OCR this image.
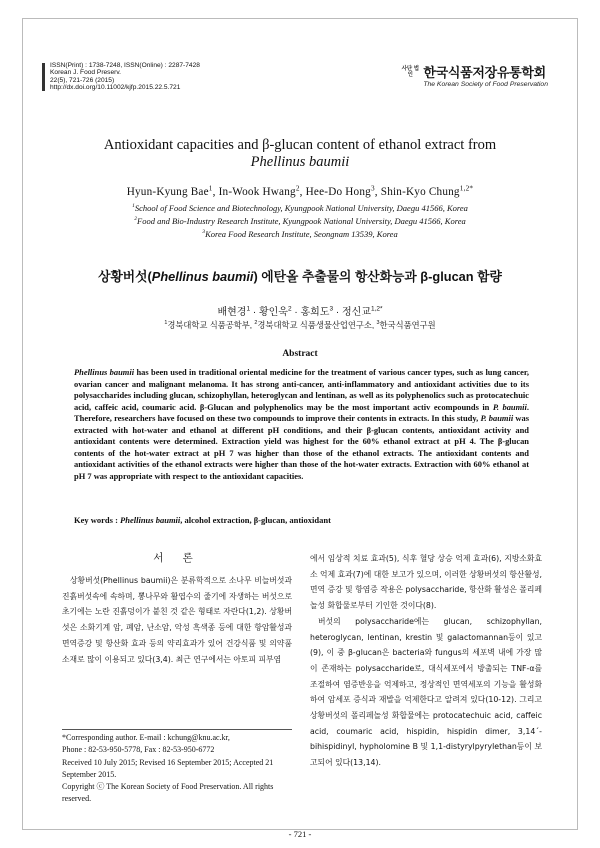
ISSN(Print) : 1738-7248, ISSN(Online) : 2287-7428
Korean J. Food Preserv.
22(5), 721-726 (2015)
http://dx.doi.org/10.11002/kjfp.2015.22.5.721
사단 법인 한국식품저장유통학회
The Korean Society of Food Preservation
Antioxidant capacities and β-glucan content of ethanol extract from
Phellinus baumii
Hyun-Kyung Bae$^1$, In-Wook Hwang$^2$, Hee-Do Hong$^3$, Shin-Kyo Chung$^{1,2*}$
$^1$School of Food Science and Biotechnology, Kyungpook National University, Daegu 41566, Korea
$^2$Food and Bio-Industry Research Institute, Kyungpook National University, Daegu 41566, Korea
$^3$Korea Food Research Institute, Seongnam 13539, Korea
상황버섯(Phellinus baumii) 에탄올 추출물의 항산화능과 β-glucan 함량
배현경$^1$ · 황인욱$^2$ · 홍희도$^3$ · 정신교$^{1,2*}$
$^1$경북대학교 식품공학부, $^2$경북대학교 식품생물산업연구소, $^3$한국식품연구원
Abstract
Phellinus baumii has been used in traditional oriental medicine for the treatment of various cancer types, such as lung cancer, ovarian cancer and malignant melanoma. It has strong anti-cancer, anti-inflammatory and antioxidant activities due to its polysaccharides including glucan, schizophyllan, heteroglycan and lentinan, as well as its polyphenolics such as protocatechuic acid, caffeic acid, coumaric acid. β-Glucan and polyphenolics may be the most important activ ecompounds in P. baumii. Therefore, researchers have focused on these two compounds to improve their contents in extracts. In this study, P. baumii was extracted with hot-water and ethanol at different pH conditions, and their β-glucan contents, antioxidant activity and antioxidant contents were determined. Extraction yield was highest for the 60% ethanol extract at pH 4. The β-glucan contents of the hot-water extract at pH 7 was higher than those of the ethanol extracts. The antioxidant contents and antioxidant activities of the ethanol extracts were higher than those of the hot-water extracts. Extraction with 60% ethanol at pH 7 was appropriate with respect to the antioxidant capacities.
Key words : Phellinus baumii, alcohol extraction, β-glucan, antioxidant
서 론

상황버섯(Phellinus baumii)은 분류학적으로 소나무 비늘버섯과 진흙버섯속에 속하며, 뽕나무와 활엽수의 줄기에 자생하는 버섯으로 초기에는 노란 진흙덩이가 붙친 것 같은 형태로 자란다(1,2). 상황버섯은 소화기계 암, 폐암, 난소암, 악성 흑색종 등에 대한 항암활성과 면역증강 및 항산화 효과 등의 약리효과가 있어 건강식품 및 의약품 소재로 많이 이용되고 있다(3,4). 최근 연구에서는 아토피 피부염

*Corresponding author. E-mail : kchung@knu.ac.kr,

Phone : 82-53-950-5778, Fax : 82-53-950-6772

Received 10 July 2015; Revised 16 September 2015; Accepted 21 September 2015.

Copyright ⓒ The Korean Society of Food Preservation. All rights reserved.

에서 임상적 치료 효과(5), 식후 혈당 상승 억제 효과(6), 지방소화효소 억제 효과(7)에 대한 보고가 있으며, 이러한 상황버섯의 항산활성, 면역 증강 및 항염증 작용은 polysaccharide, 항산화 활성은 폴리페놀성 화합물로부터 기인한 것이다(8).

버섯의 polysaccharide에는 glucan, schizophyllan, heteroglycan, lentinan, krestin 및 galactomannan등이 있고(9), 이 중 β-glucan은 bacteria와 fungus의 세포벽 내에 가장 많이 존재하는 polysaccharide로, 대식세포에서 방출되는 TNF-α를 조절하여 염증반응을 억제하고, 정상적인 면역세포의 기능을 활성화하여 암세포 증식과 재발을 억제한다고 알려져 있다(10-12). 그리고 상황버섯의 폴리페놀성 화합물에는 protocatechuic acid, caffeic acid, coumaric acid, hispidin, hispidin dimer, 3,14΄-bihispidinyl, hypholomine B 및 1,1-distyrylpyrylethan등이 보고되어 있다(13,14).

- 721 -
